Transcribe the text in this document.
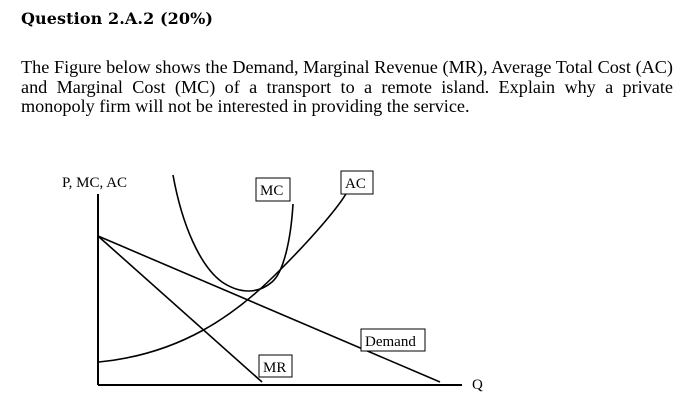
Question 2.A.2 (20%)

The Figure below shows the Demand, Marginal Revenue (MR), Average Total Cost (AC) and Marginal Cost (MC) of a transport to a remote island. Explain why a private monopoly firm will not be interested in providing the service.

P, MC, AC
Q
MC	AC
Demand
MR
